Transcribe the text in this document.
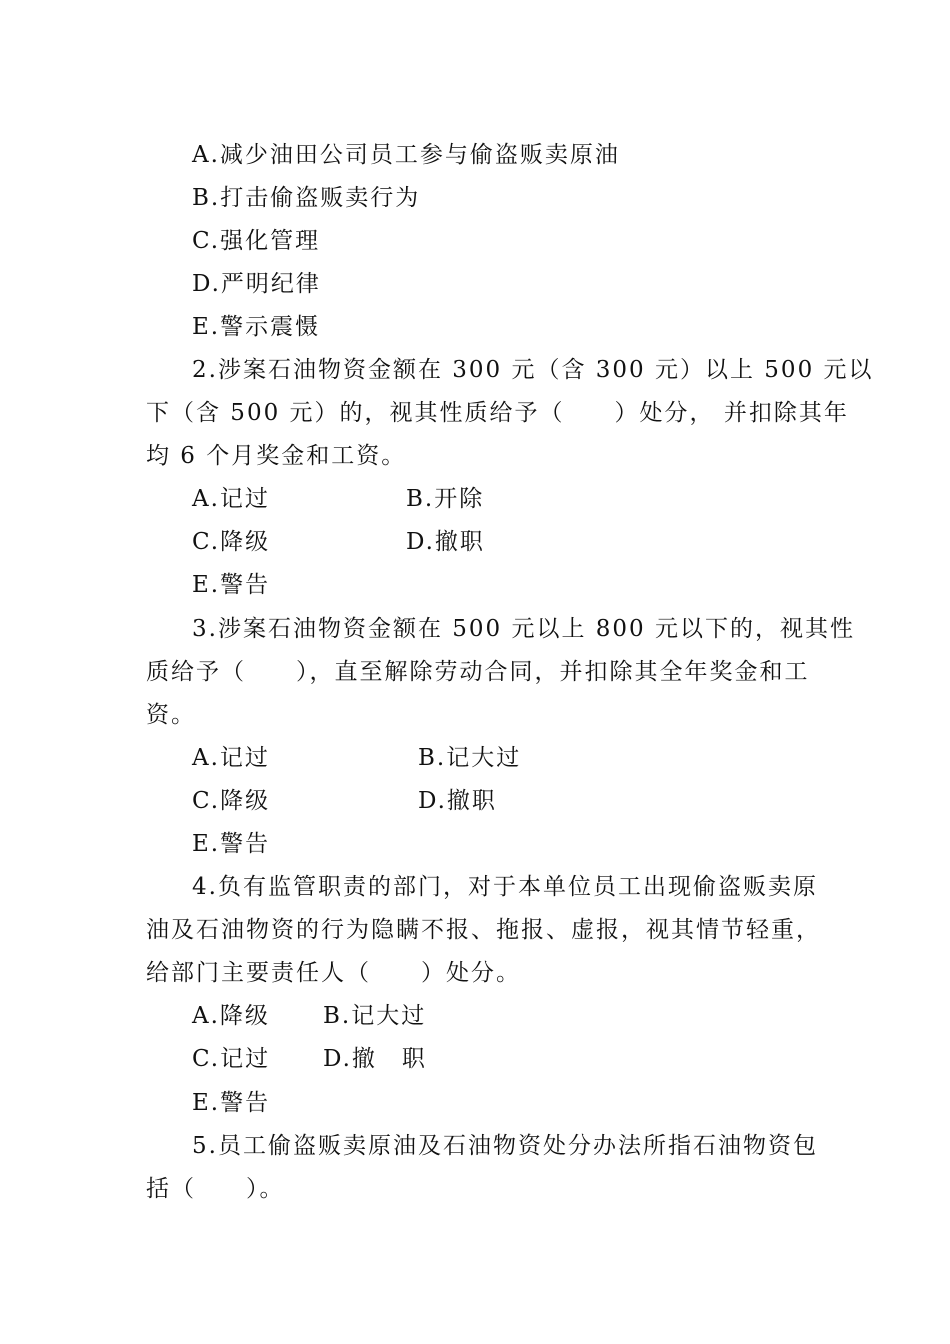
A.减少油田公司员工参与偷盗贩卖原油
B.打击偷盗贩卖行为
C.强化管理
D.严明纪律
E.警示震慑
2.涉案石油物资金额在 300 元（含 300 元）以上 500 元以
下（含 500 元）的，视其性质给予（　　）处分， 并扣除其年
均 6 个月奖金和工资。
A.记过	B.开除
C.降级	D.撤职
E.警告
3.涉案石油物资金额在 500 元以上 800 元以下的，视其性
质给予（　　），直至解除劳动合同，并扣除其全年奖金和工
资。
A.记过	B.记大过
C.降级	D.撤职
E.警告
4.负有监管职责的部门，对于本单位员工出现偷盗贩卖原
油及石油物资的行为隐瞒不报、拖报、虚报，视其情节轻重，
给部门主要责任人（　　）处分。
A.降级 B.记大过
C.记过 D.撤　职
E.警告
5.员工偷盗贩卖原油及石油物资处分办法所指石油物资包
括（　　）。
